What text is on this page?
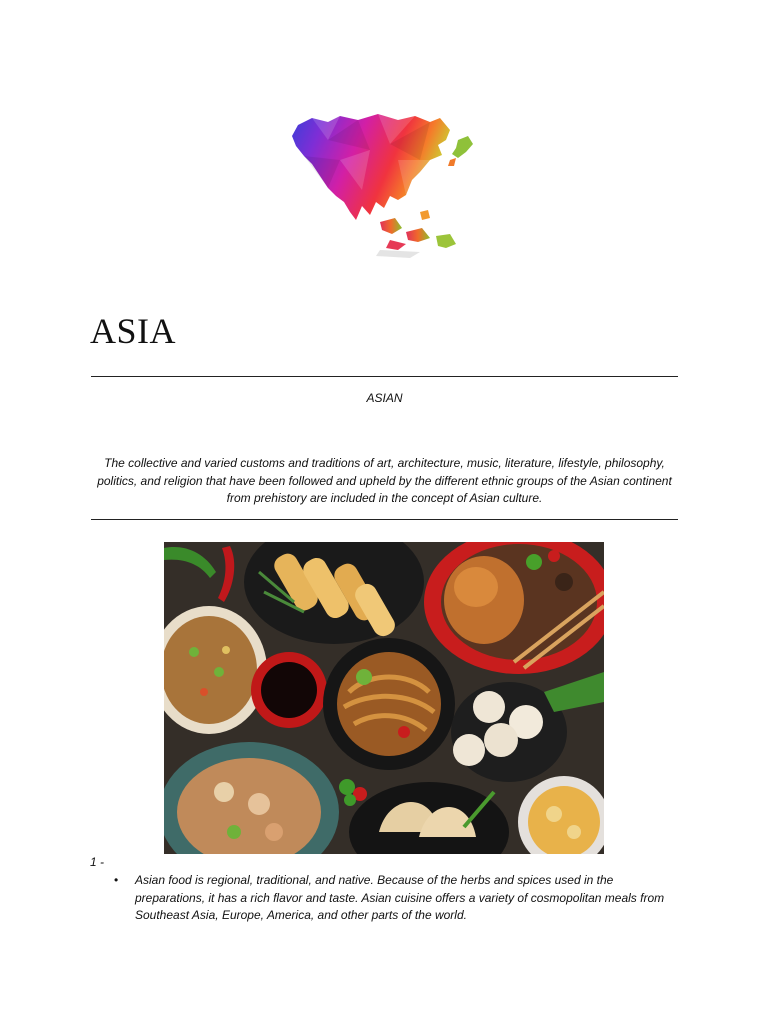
ASIA
ASIAN

The collective and varied customs and traditions of art, architecture, music, literature, lifestyle, philosophy, politics, and religion that have been followed and upheld by the different ethnic groups of the Asian continent from prehistory are included in the concept of Asian culture.

1 -
• Asian food is regional, traditional, and native. Because of the herbs and spices used in the preparations, it has a rich flavor and taste. Asian cuisine offers a variety of cosmopolitan meals from Southeast Asia, Europe, America, and other parts of the world.
